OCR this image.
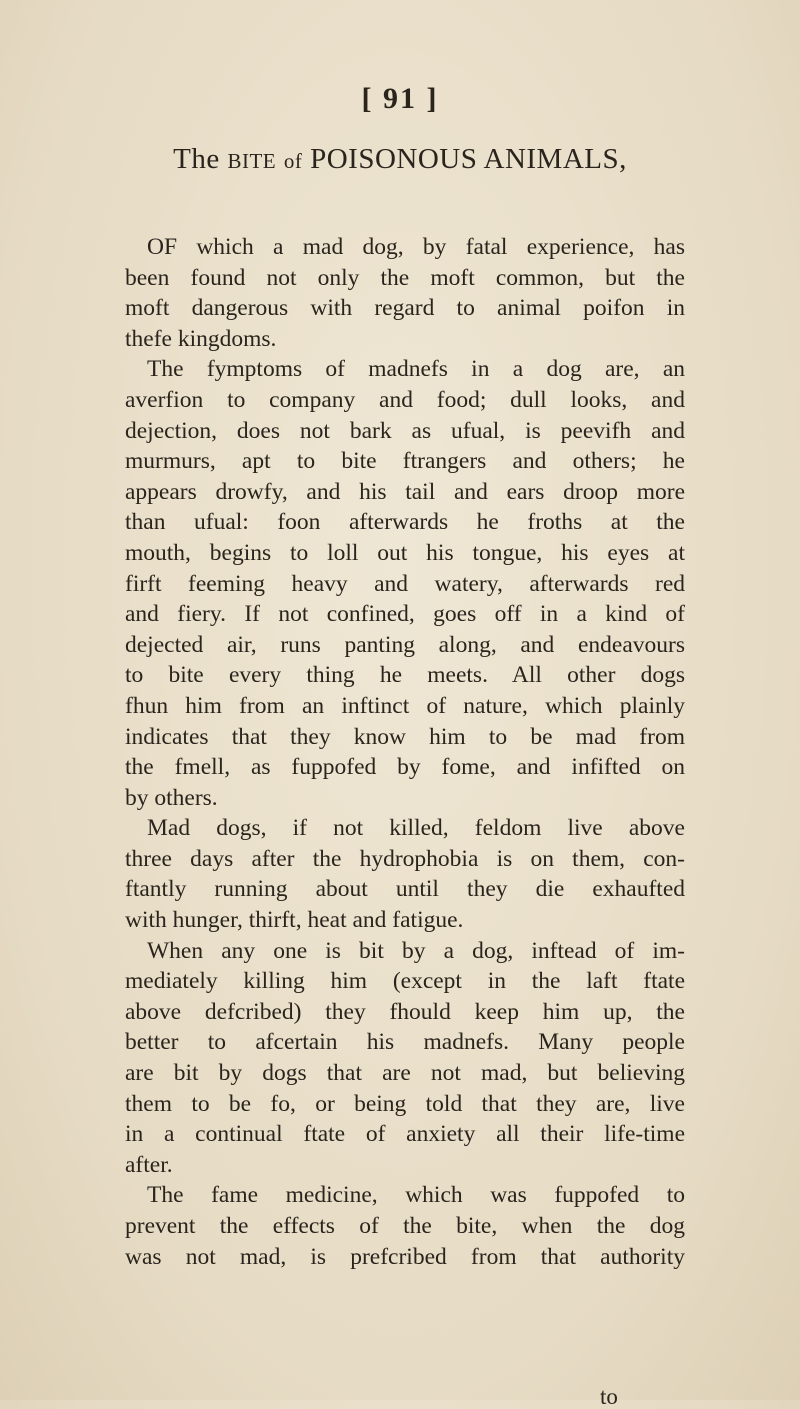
[ 91 ]
The BITE of POISONOUS ANIMALS,
OF which a mad dog, by fatal experience, has
been found not only the moft common, but the
moft dangerous with regard to animal poifon in
thefe kingdoms.
The fymptoms of madnefs in a dog are, an
averfion to company and food; dull looks, and
dejection, does not bark as ufual, is peevifh and
murmurs, apt to bite ftrangers and others; he
appears drowfy, and his tail and ears droop more
than ufual: foon afterwards he froths at the
mouth, begins to loll out his tongue, his eyes at
firft feeming heavy and watery, afterwards red
and fiery. If not confined, goes off in a kind of
dejected air, runs panting along, and endeavours
to bite every thing he meets. All other dogs
fhun him from an inftinct of nature, which plainly
indicates that they know him to be mad from
the fmell, as fuppofed by fome, and infifted on
by others.
Mad dogs, if not killed, feldom live above
three days after the hydrophobia is on them, con-
ftantly running about until they die exhaufted
with hunger, thirft, heat and fatigue.
When any one is bit by a dog, inftead of im-
mediately killing him (except in the laft ftate
above defcribed) they fhould keep him up, the
better to afcertain his madnefs. Many people
are bit by dogs that are not mad, but believing
them to be fo, or being told that they are, live
in a continual ftate of anxiety all their life-time
after.
The fame medicine, which was fuppofed to
prevent the effects of the bite, when the dog
was not mad, is prefcribed from that authority

to
